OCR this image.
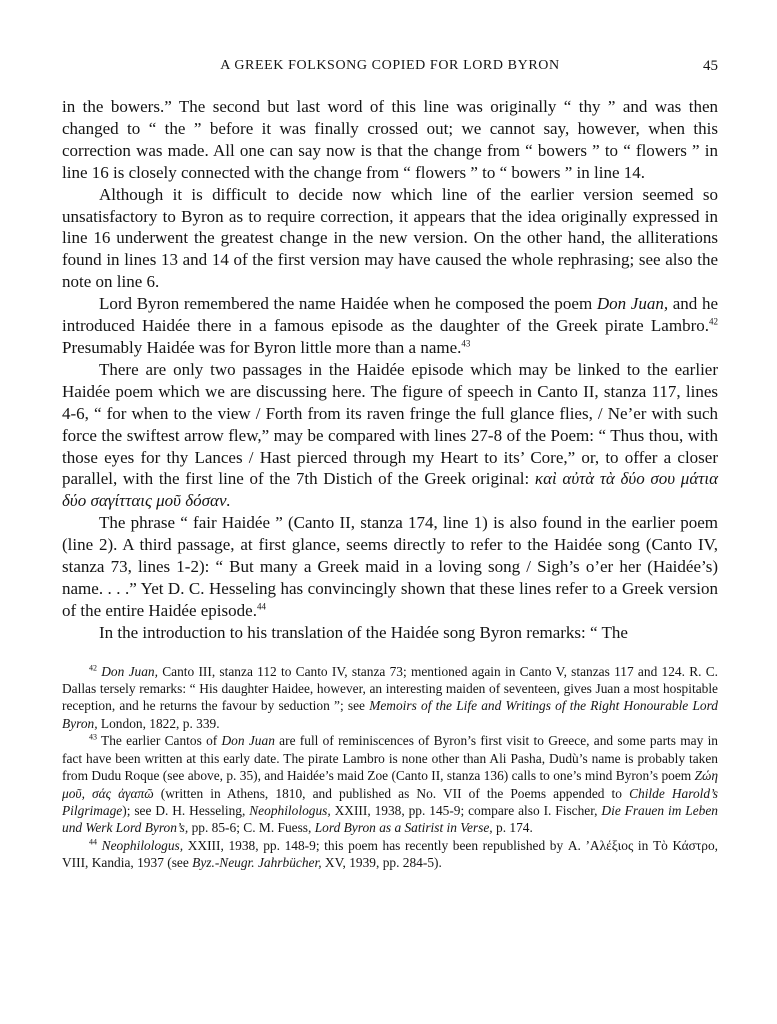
A GREEK FOLKSONG COPIED FOR LORD BYRON	45

in the bowers.” The second but last word of this line was originally “ thy ” and was then changed to “ the ” before it was finally crossed out; we cannot say, however, when this correction was made. All one can say now is that the change from “ bowers ” to “ flowers ” in line 16 is closely connected with the change from “ flowers ” to “ bowers ” in line 14.

Although it is difficult to decide now which line of the earlier version seemed so unsatisfactory to Byron as to require correction, it appears that the idea originally expressed in line 16 underwent the greatest change in the new version. On the other hand, the alliterations found in lines 13 and 14 of the first version may have caused the whole rephrasing; see also the note on line 6.

Lord Byron remembered the name Haidée when he composed the poem Don Juan, and he introduced Haidée there in a famous episode as the daughter of the Greek pirate Lambro.$^{42}$ Presumably Haidée was for Byron little more than a name.$^{43}$

There are only two passages in the Haidée episode which may be linked to the earlier Haidée poem which we are discussing here. The figure of speech in Canto II, stanza 117, lines 4-6, “ for when to the view / Forth from its raven fringe the full glance flies, / Ne’er with such force the swiftest arrow flew,” may be compared with lines 27-8 of the Poem: “ Thus thou, with those eyes for thy Lances / Hast pierced through my Heart to its’ Core,” or, to offer a closer parallel, with the first line of the 7th Distich of the Greek original: καὶ αὐτὰ τὰ δύο σου μάτια δύο σαγίτταις μοῦ δόσαν.

The phrase “ fair Haidée ” (Canto II, stanza 174, line 1) is also found in the earlier poem (line 2). A third passage, at first glance, seems directly to refer to the Haidée song (Canto IV, stanza 73, lines 1-2): “ But many a Greek maid in a loving song / Sigh’s o’er her (Haidée’s) name. . . .” Yet D. C. Hesseling has convincingly shown that these lines refer to a Greek version of the entire Haidée episode.$^{44}$

In the introduction to his translation of the Haidée song Byron remarks: “ The

$^{42}$ Don Juan, Canto III, stanza 112 to Canto IV, stanza 73; mentioned again in Canto V, stanzas 117 and 124. R. C. Dallas tersely remarks: “ His daughter Haidee, however, an interesting maiden of seventeen, gives Juan a most hospitable reception, and he returns the favour by seduction ”; see Memoirs of the Life and Writings of the Right Honourable Lord Byron, London, 1822, p. 339.

$^{43}$ The earlier Cantos of Don Juan are full of reminiscences of Byron’s first visit to Greece, and some parts may in fact have been written at this early date. The pirate Lambro is none other than Ali Pasha, Dudù’s name is probably taken from Dudu Roque (see above, p. 35), and Haidée’s maid Zoe (Canto II, stanza 136) calls to one’s mind Byron’s poem Ζώη μοῦ, σάς ἀγαπῶ (written in Athens, 1810, and published as No. VII of the Poems appended to Childe Harold’s Pilgrimage); see D. H. Hesseling, Neophilologus, XXIII, 1938, pp. 145-9; compare also I. Fischer, Die Frauen im Leben und Werk Lord Byron’s, pp. 85-6; C. M. Fuess, Lord Byron as a Satirist in Verse, p. 174.

$^{44}$ Neophilologus, XXIII, 1938, pp. 148-9; this poem has recently been republished by Α. ’Αλέξιος in Τὸ Κάστρο, VIII, Kandia, 1937 (see Byz.-Neugr. Jahrbücher, XV, 1939, pp. 284-5).
